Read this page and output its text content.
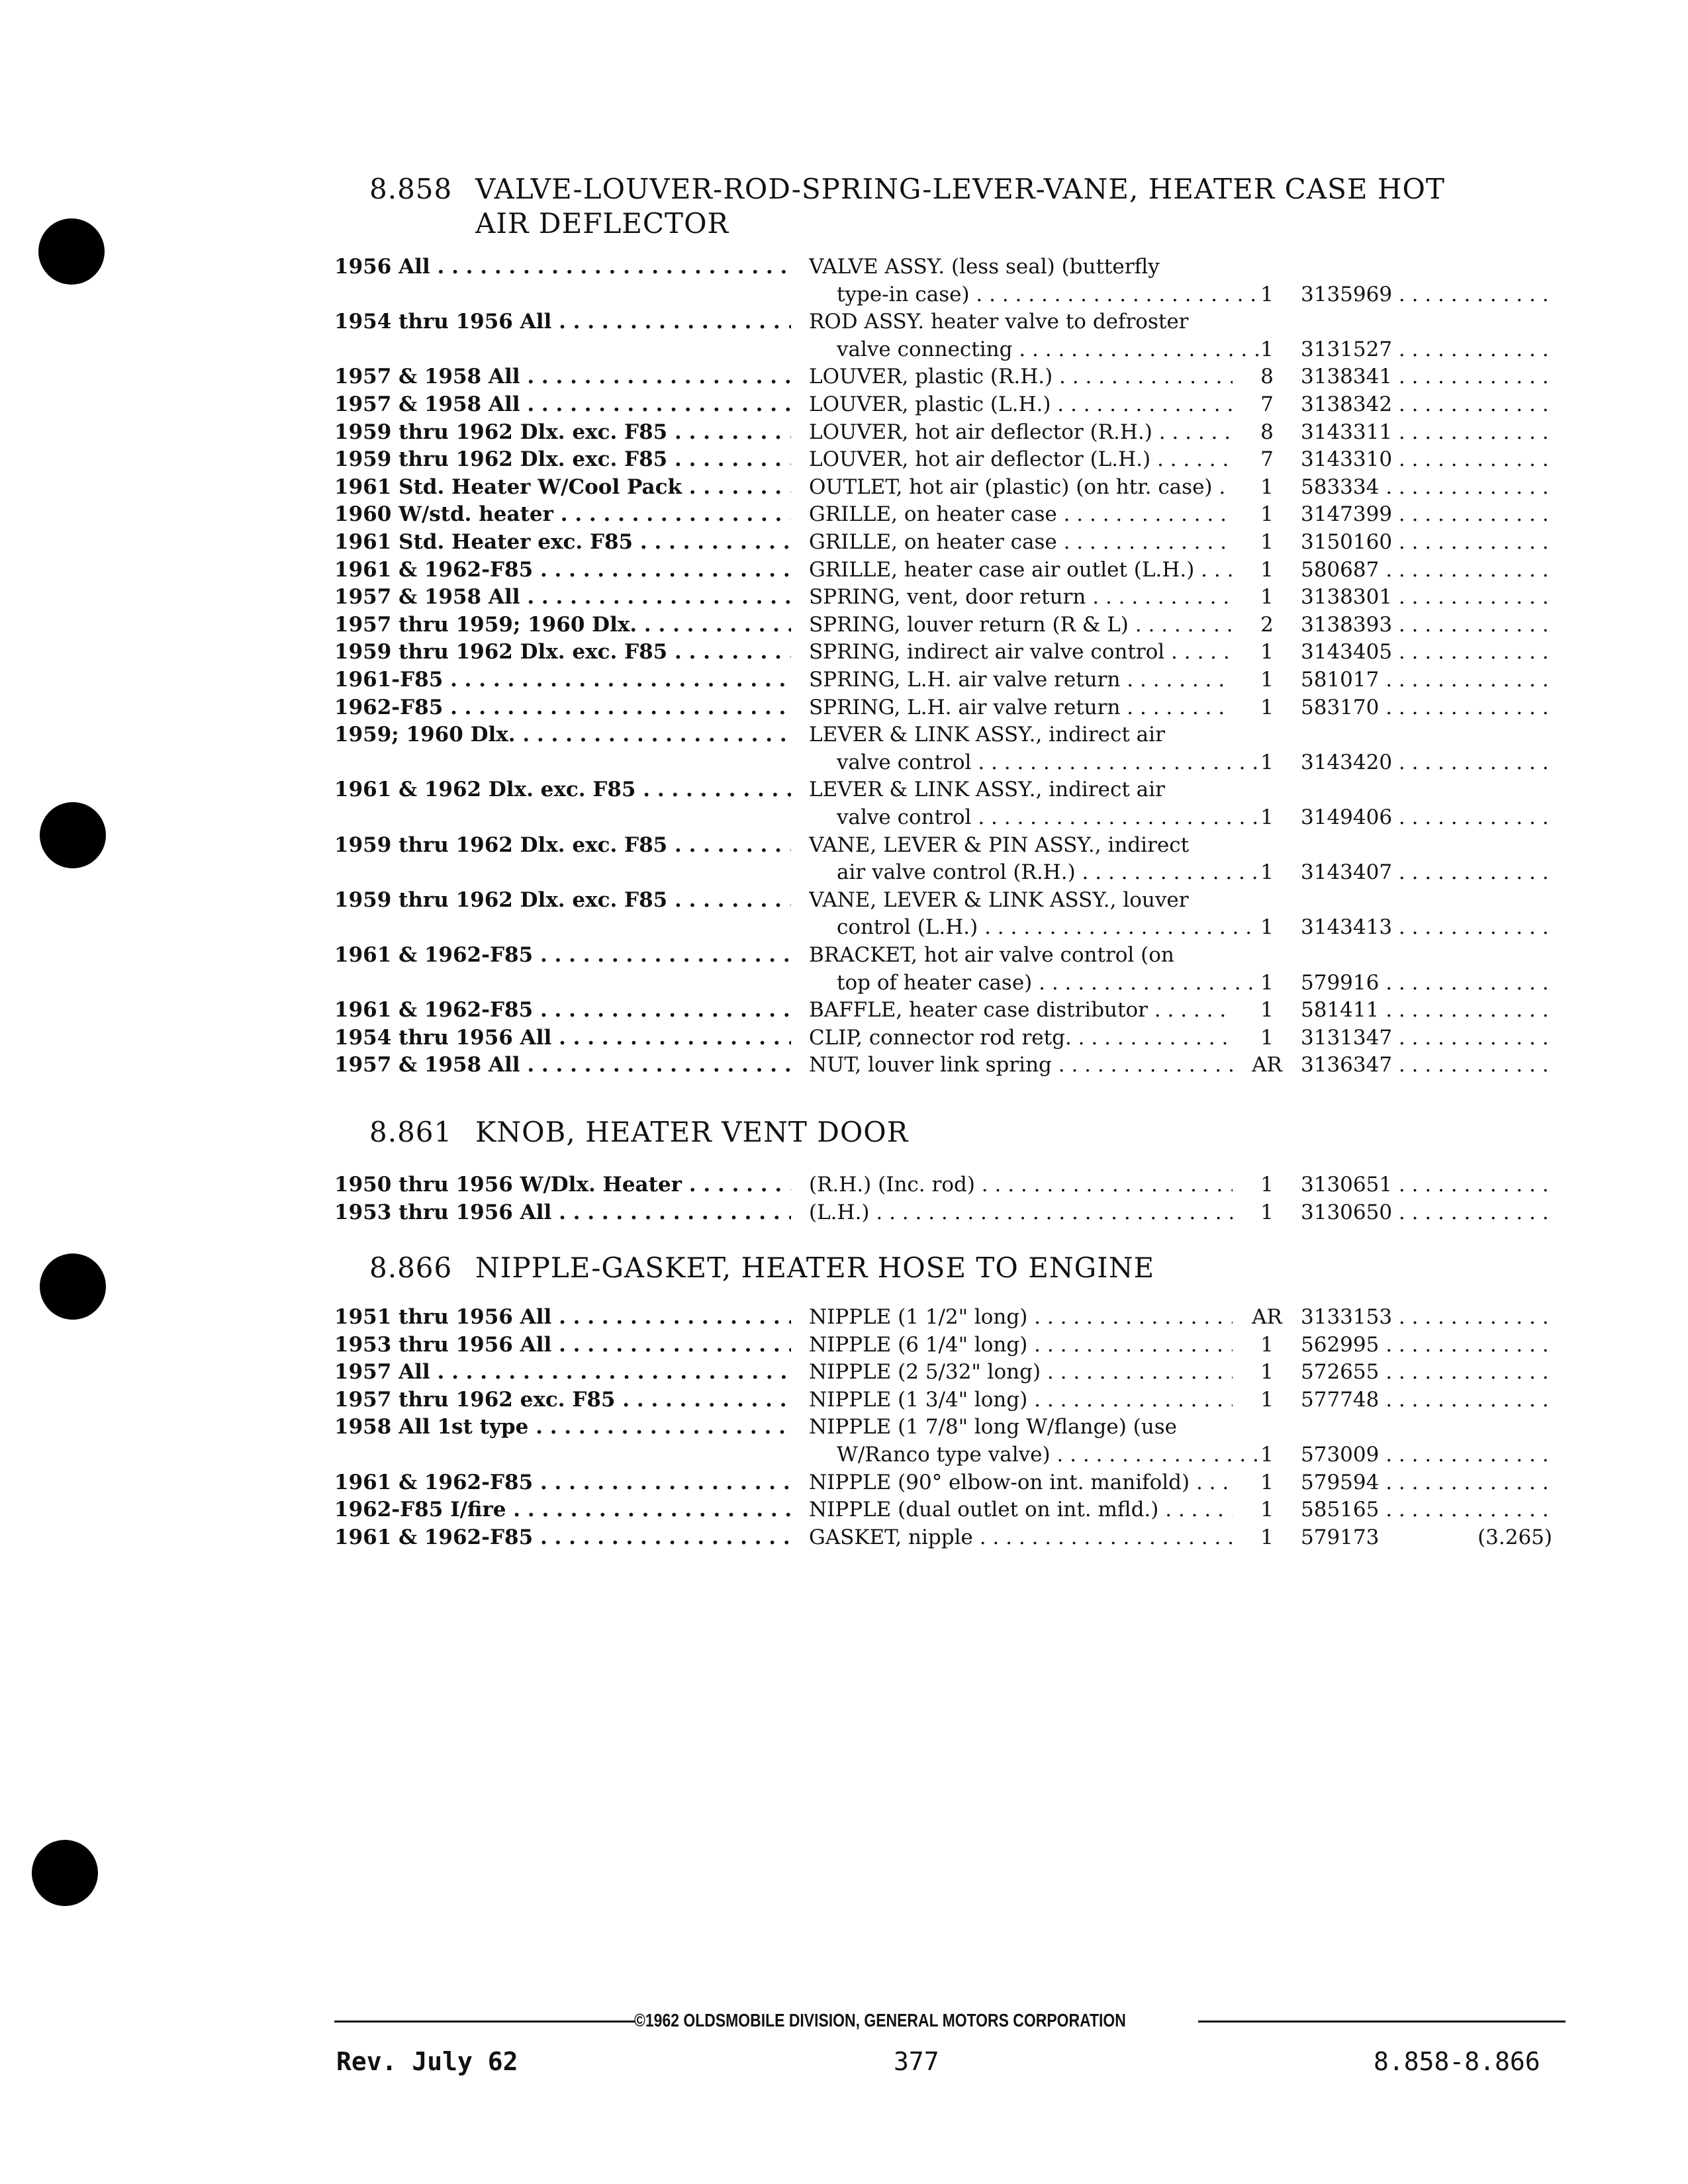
8.858 VALVE-LOUVER-ROD-SPRING-LEVER-VANE, HEATER CASE HOT
AIR DEFLECTOR
1956 All . . .	VALVE ASSY. (less seal) (butterfly
type-in case) . . .	1	3135969 . . .
1954 thru 1956 All . . .	ROD ASSY. heater valve to defroster
valve connecting . . .	1	3131527 . . .
1957 & 1958 All . . .	LOUVER, plastic (R.H.) . . .	8	3138341 . . .
1957 & 1958 All . . .	LOUVER, plastic (L.H.) . . .	7	3138342 . . .
1959 thru 1962 Dlx. exc. F85 . . .	LOUVER, hot air deflector (R.H.) . . .	8	3143311 . . .
1959 thru 1962 Dlx. exc. F85 . . .	LOUVER, hot air deflector (L.H.) . . .	7	3143310 . . .
1961 Std. Heater W/Cool Pack . . .	OUTLET, hot air (plastic) (on htr. case) . . .	1	583334 . . .
1960 W/std. heater . . .	GRILLE, on heater case . . .	1	3147399 . . .
1961 Std. Heater exc. F85 . . .	GRILLE, on heater case . . .	1	3150160 . . .
1961 & 1962-F85 . . .	GRILLE, heater case air outlet (L.H.) . . .	1	580687 . . .
1957 & 1958 All . . .	SPRING, vent, door return . . .	1	3138301 . . .
1957 thru 1959; 1960 Dlx. . . .	SPRING, louver return (R & L) . . .	2	3138393 . . .
1959 thru 1962 Dlx. exc. F85 . . .	SPRING, indirect air valve control . . .	1	3143405 . . .
1961-F85 . . .	SPRING, L.H. air valve return . . .	1	581017 . . .
1962-F85 . . .	SPRING, L.H. air valve return . . .	1	583170 . . .
1959; 1960 Dlx. . . .	LEVER & LINK ASSY., indirect air
valve control . . .	1	3143420 . . .
1961 & 1962 Dlx. exc. F85 . . .	LEVER & LINK ASSY., indirect air
valve control . . .	1	3149406 . . .
1959 thru 1962 Dlx. exc. F85 . . .	VANE, LEVER & PIN ASSY., indirect
air valve control (R.H.) . . .	1	3143407 . . .
1959 thru 1962 Dlx. exc. F85 . . .	VANE, LEVER & LINK ASSY., louver
control (L.H.) . . .	1	3143413 . . .
1961 & 1962-F85 . . .	BRACKET, hot air valve control (on
top of heater case) . . .	1	579916 . . .
1961 & 1962-F85 . . .	BAFFLE, heater case distributor . . .	1	581411 . . .
1954 thru 1956 All . . .	CLIP, connector rod retg. . . .	1	3131347 . . .
1957 & 1958 All . . .	NUT, louver link spring . . .	AR 3136347 . . .
8.861 KNOB, HEATER VENT DOOR
1950 thru 1956 W/Dlx. Heater . . .	(R.H.) (Inc. rod) . . .	1	3130651 . . .
1953 thru 1956 All . . .	(L.H.) . . .	1	3130650 . . .
8.866 NIPPLE-GASKET, HEATER HOSE TO ENGINE
1951 thru 1956 All . . .	NIPPLE (1 1/2" long) . . .	AR 3133153 . . .
1953 thru 1956 All . . .	NIPPLE (6 1/4" long) . . .	1	562995 . . .
1957 All . . .	NIPPLE (2 5/32" long) . . .	1	572655 . . .
1957 thru 1962 exc. F85 . . .	NIPPLE (1 3/4" long) . . .	1	577748 . . .
1958 All 1st type . . .	NIPPLE (1 7/8" long W/flange) (use
W/Ranco type valve) . . .	1	573009 . . .
1961 & 1962-F85 . . .	NIPPLE (90° elbow-on int. manifold) . . .	1	579594 . . .
1962-F85 I/fire . . .	NIPPLE (dual outlet on int. mfld.) . . .	1	585165 . . .
1961 & 1962-F85 . . .	GASKET, nipple . . .	1	579173	(3.265)
©1962 OLDSMOBILE DIVISION, GENERAL MOTORS CORPORATION
Rev. July 62	377	8.858-8.866
